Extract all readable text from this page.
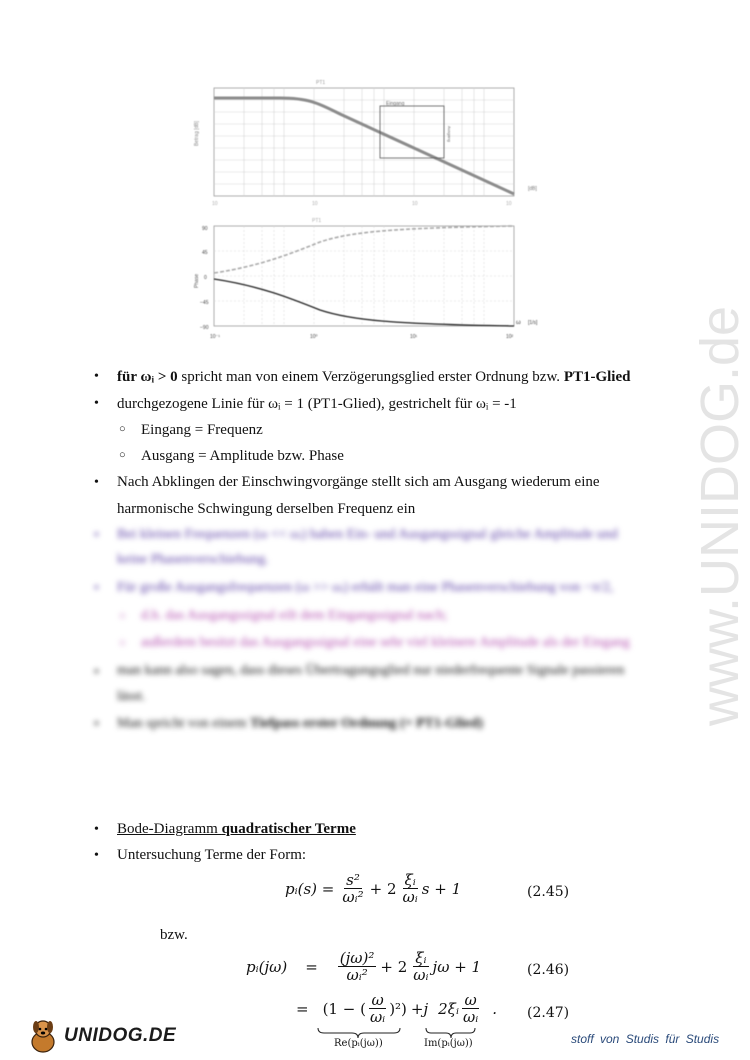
www.UNIDOG.de
PT1
Betrag [dB]
Eingang
Ausgang
[dB]
10	10	10	10
PT1
Phase
90
45
0
−45
−90
ω [1/s]
10⁻¹	10⁰	10¹	10²
• für ωᵢ > 0 spricht man von einem Verzögerungsglied erster Ordnung bzw. PT1-Glied
• durchgezogene Linie für ωᵢ = 1 (PT1-Glied), gestrichelt für ωᵢ = -1
○ Eingang = Frequenz
○ Ausgang = Amplitude bzw. Phase
• Nach Abklingen der Einschwingvorgänge stellt sich am Ausgang wiederum eine
harmonische Schwingung derselben Frequenz ein
• Bei kleinen Frequenzen (ω << ωᵢ) haben Ein- und Ausgangssignal gleiche Amplitude und
keine Phasenverschiebung.
• Für große Ausgangsfrequenzen (ω >> ωᵢ) erhält man eine Phasenverschiebung von −π/2,
○ d.h. das Ausgangssignal eilt dem Eingangssignal nach;
○ außerdem besitzt das Ausgangssignal eine sehr viel kleinere Amplitude als der Eingang
• man kann also sagen, dass dieses Übertragungsglied nur niederfrequente Signale passieren
lässt.
• Man spricht von einem Tiefpass erster Ordnung (= PT1-Glied)
• Bode-Diagramm quadratischer Terme
• Untersuchung Terme der Form:
pᵢ(s) = $\frac{\text{s²}}{\text{ωᵢ²}} + 2 \frac{\text{ξᵢ}}{\text{ωᵢ}}$ s + 1	(2.45)
bzw.
pᵢ(jω) = $\frac{\text{(jω)²}}{\text{ωᵢ²}} + 2 \frac{\text{ξᵢ}}{\text{ωᵢ}}$ jω + 1	(2.46)
= (1 − ( $\frac{\omega}{\text{ωᵢ}} )^2) +j$ 2ξᵢ $\frac{\omega}{\text{ωᵢ}}$ . (2.47)
Re(pᵢ(jω))	Im(pᵢ(jω))
UNIDOG.DE	stoff von Studis für Studis
